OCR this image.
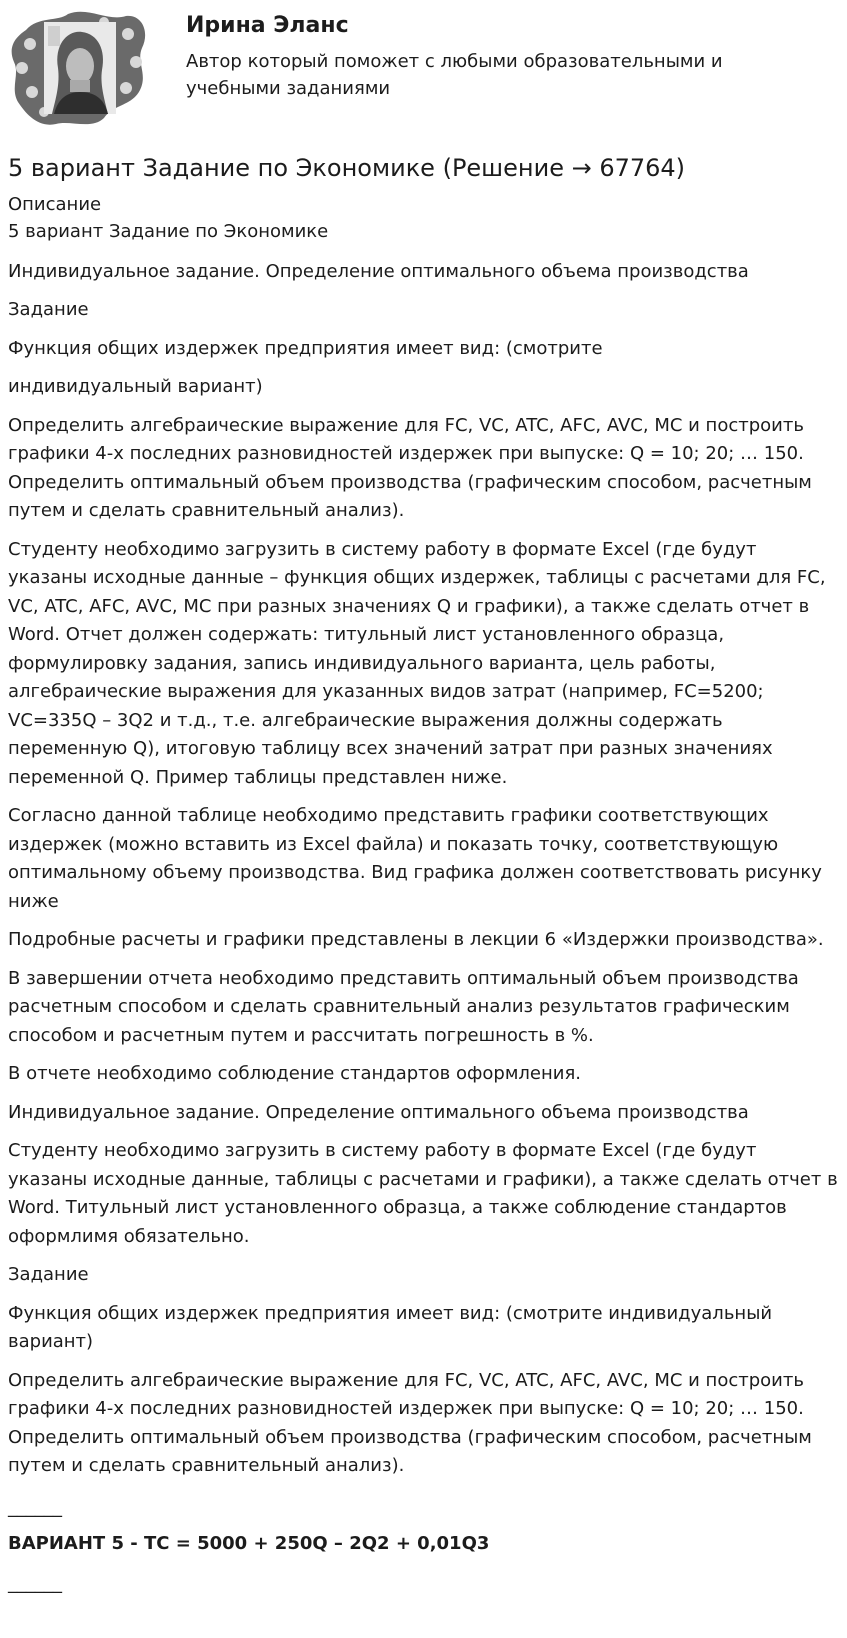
Ирина Эланс

Автор который поможет с любыми образовательными и учебными заданиями

5 вариант Задание по Экономике (Решение → 67764)

Описание

5 вариант Задание по Экономике

Индивидуальное задание. Определение оптимального объема производства

Задание

Функция общих издержек предприятия имеет вид: (смотрите

индивидуальный вариант)

Определить алгебраические выражение для FC, VC, ATC, AFC, AVC, MC и построить графики 4-х последних разновидностей издержек при выпуске: Q = 10; 20; … 150. Определить оптимальный объем производства (графическим способом, расчетным путем и сделать сравнительный анализ).

Студенту необходимо загрузить в систему работу в формате Excel (где будут указаны исходные данные – функция общих издержек, таблицы с расчетами для FC, VC, ATC, AFC, AVC, MC при разных значениях Q и графики), а также сделать отчет в Word. Отчет должен содержать: титульный лист установленного образца, формулировку задания, запись индивидуального варианта, цель работы, алгебраические выражения для указанных видов затрат (например, FC=5200; VC=335Q – 3Q2 и т.д., т.е. алгебраические выражения должны содержать переменную Q), итоговую таблицу всех значений затрат при разных значениях переменной Q. Пример таблицы представлен ниже.

Согласно данной таблице необходимо представить графики соответствующих издержек (можно вставить из Excel файла) и показать точку, соответствующую оптимальному объему производства. Вид графика должен соответствовать рисунку ниже

Подробные расчеты и графики представлены в лекции 6 «Издержки производства».

В завершении отчета необходимо представить оптимальный объем производства расчетным способом и сделать сравнительный анализ результатов графическим способом и расчетным путем и рассчитать погрешность в %.

В отчете необходимо соблюдение стандартов оформления.

Индивидуальное задание. Определение оптимального объема производства

Студенту необходимо загрузить в систему работу в формате Excel (где будут указаны исходные данные, таблицы с расчетами и графики), а также сделать отчет в Word. Титульный лист установленного образца, а также соблюдение стандартов оформлимя обязательно.

Задание

Функция общих издержек предприятия имеет вид: (смотрите индивидуальный вариант)

Определить алгебраические выражение для FC, VC, ATC, AFC, AVC, MC и построить графики 4-х последних разновидностей издержек при выпуске: Q = 10; 20; … 150. Определить оптимальный объем производства (графическим способом, расчетным путем и сделать сравнительный анализ).

______

ВАРИАНТ 5 - TC = 5000 + 250Q – 2Q2 + 0,01Q3

______
